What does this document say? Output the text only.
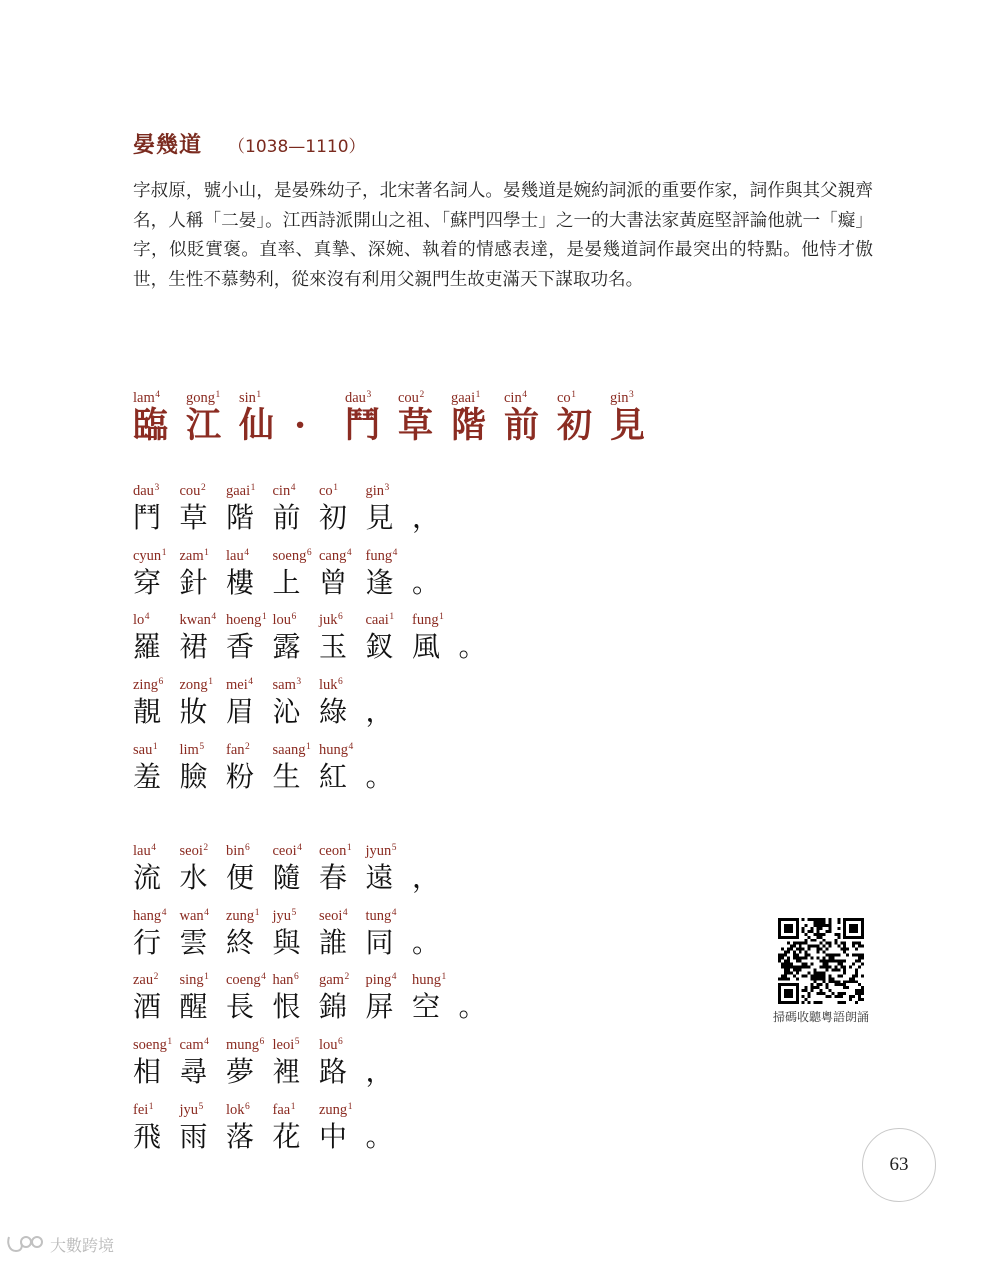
晏幾道 （1038—1110）

字叔原，號小山，是晏殊幼子，北宋著名詞人。晏幾道是婉約詞派的重要作家，詞作與其父親齊名，人稱「二晏」。江西詩派開山之祖、「蘇門四學士」之一的大書法家黃庭堅評論他就一「癡」字，似貶實褒。直率、真摯、深婉、執着的情感表達，是晏幾道詞作最突出的特點。他恃才傲世，生性不慕勢利，從來沒有利用父親門生故吏滿天下謀取功名。

lam$^4$
臨
gong$^1$
江
$\sin^1$
仙 ·
dau$^3$
鬥
cou$^2$
草
gaai$^1$
階
cin$^4$
前
$co^1$
初
gin$^3$
見
dau$^3$
鬥
cou$^2$
草
gaai$^1$
階
cin$^4$
前
$co^1$
初
gin$^3$
見 ，
cyun$^1$
穿
zam$^1$
針
lau$^4$
樓
soeng$^6$
上
cang$^4$
曾
fung$^4$
逢 。
$lo^4$
羅
kwan$^4$
裙
hoeng$^1$
香
lou$^6$
露
juk$^6$
玉
caai$^1$
釵
fung$^1$
風 。
zing$^6$
靚
zong$^1$
妝
mei$^4$
眉
sam$^3$
沁
luk$^6$
綠 ，
sau$^1$
羞
$\lim^5$
臉
fan$^2$
粉
saang$^1$
生
hung$^4$
紅 。
lau$^4$
流
seoi$^2$
水
bin$^6$
便
ceoi$^4$
隨
ceon$^1$
春
jyun$^5$
遠 ，
hang$^4$
行
wan$^4$
雲
zung$^1$
終
jyu$^5$
與
seoi$^4$
誰
tung$^4$
同 。
zau$^2$
酒
sing$^1$
醒
coeng$^4$
長
han$^6$
恨
gam$^2$
錦
ping$^4$
屏
hung$^1$
空 。
soeng$^1$
相
cam$^4$
尋
mung$^6$
夢
leoi$^5$
裡
lou$^6$
路 ，
fei$^1$
飛
jyu$^5$
雨
lok$^6$
落
faa$^1$
花
zung$^1$
中 。
掃碼收聽粵語朗誦
63
大數跨境
